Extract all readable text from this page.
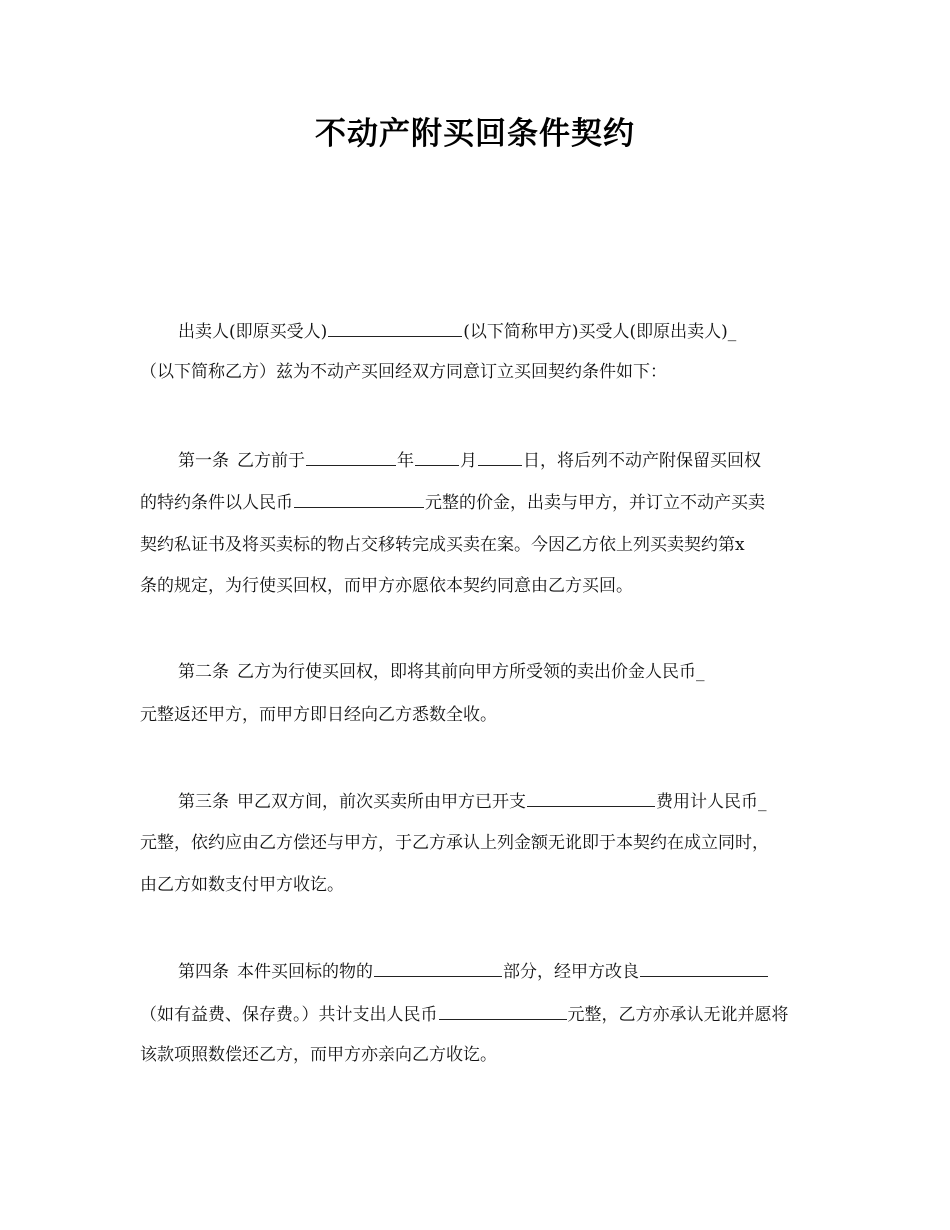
不动产附买回条件契约
出卖人(即原买受人)	(以下简称甲方)买受人(即原出卖人)_
（以下简称乙方）兹为不动产买回经双方同意订立买回契约条件如下：
第一条 乙方前于	年	月	日，将后列不动产附保留买回权
的特约条件以人民币	元整的价金，出卖与甲方，并订立不动产买卖
契约私证书及将买卖标的物占交移转完成买卖在案。今因乙方依上列买卖契约第x
条的规定，为行使买回权，而甲方亦愿依本契约同意由乙方买回。
第二条 乙方为行使买回权，即将其前向甲方所受领的卖出价金人民币_
元整返还甲方，而甲方即日经向乙方悉数全收。
第三条 甲乙双方间，前次买卖所由甲方已开支	费用计人民币_
元整，依约应由乙方偿还与甲方，于乙方承认上列金额无讹即于本契约在成立同时，
由乙方如数支付甲方收讫。
第四条 本件买回标的物的	部分，经甲方改良
（如有益费、保存费。）共计支出人民币	元整，乙方亦承认无讹并愿将
该款项照数偿还乙方，而甲方亦亲向乙方收讫。
